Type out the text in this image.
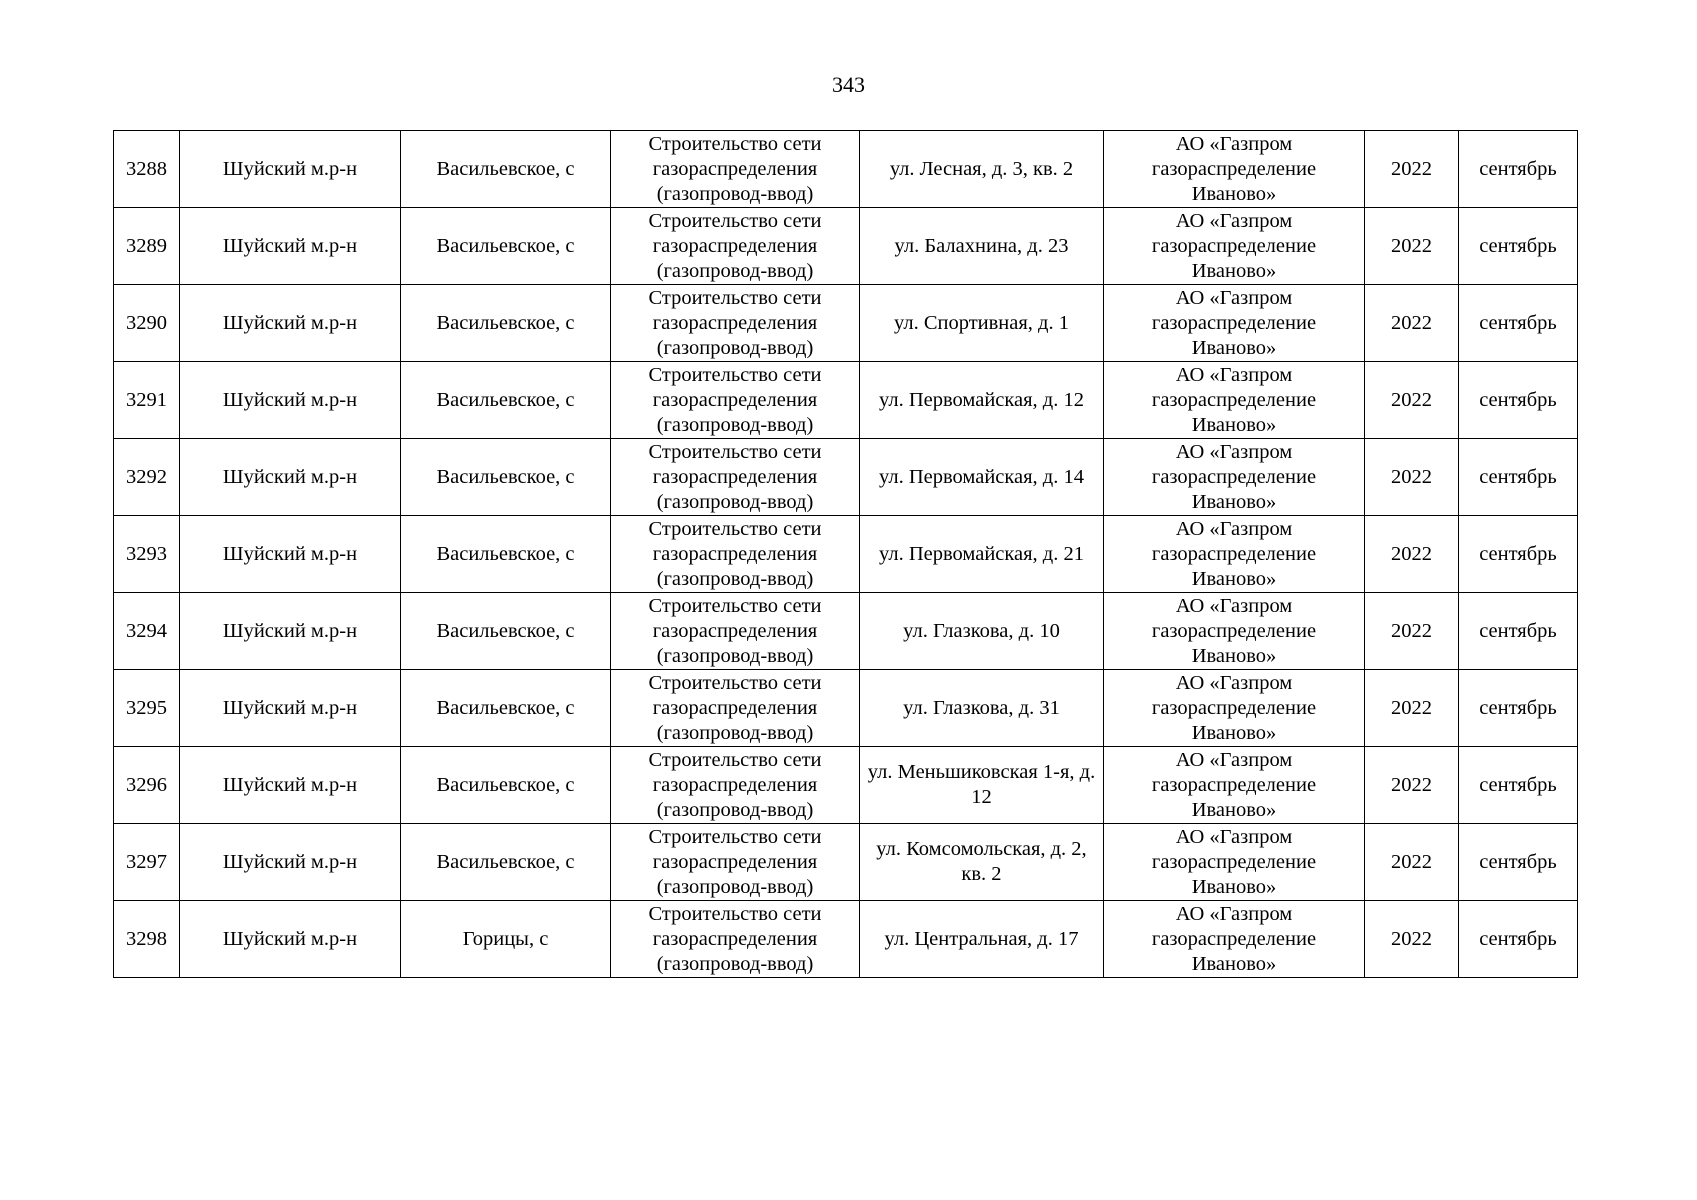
343
3288	Шуйский м.р-н	Васильевское, с	Строительство сети газораспределения (газопровод-ввод)	ул. Лесная, д. 3, кв. 2	АО «Газпром газораспределение Иваново»	2022	сентябрь
3289	Шуйский м.р-н	Васильевское, с	Строительство сети газораспределения (газопровод-ввод)	ул. Балахнина, д. 23	АО «Газпром газораспределение Иваново»	2022	сентябрь
3290	Шуйский м.р-н	Васильевское, с	Строительство сети газораспределения (газопровод-ввод)	ул. Спортивная, д. 1	АО «Газпром газораспределение Иваново»	2022	сентябрь
3291	Шуйский м.р-н	Васильевское, с	Строительство сети газораспределения (газопровод-ввод)	ул. Первомайская, д. 12	АО «Газпром газораспределение Иваново»	2022	сентябрь
3292	Шуйский м.р-н	Васильевское, с	Строительство сети газораспределения (газопровод-ввод)	ул. Первомайская, д. 14	АО «Газпром газораспределение Иваново»	2022	сентябрь
3293	Шуйский м.р-н	Васильевское, с	Строительство сети газораспределения (газопровод-ввод)	ул. Первомайская, д. 21	АО «Газпром газораспределение Иваново»	2022	сентябрь
3294	Шуйский м.р-н	Васильевское, с	Строительство сети газораспределения (газопровод-ввод)	ул. Глазкова, д. 10	АО «Газпром газораспределение Иваново»	2022	сентябрь
3295	Шуйский м.р-н	Васильевское, с	Строительство сети газораспределения (газопровод-ввод)	ул. Глазкова, д. 31	АО «Газпром газораспределение Иваново»	2022	сентябрь
3296	Шуйский м.р-н	Васильевское, с	Строительство сети газораспределения (газопровод-ввод)	ул. Меньшиковская 1-я, д. 12	АО «Газпром газораспределение Иваново»	2022	сентябрь
3297	Шуйский м.р-н	Васильевское, с	Строительство сети газораспределения (газопровод-ввод)	ул. Комсомольская, д. 2, кв. 2	АО «Газпром газораспределение Иваново»	2022	сентябрь
3298	Шуйский м.р-н	Горицы, с	Строительство сети газораспределения (газопровод-ввод)	ул. Центральная, д. 17	АО «Газпром газораспределение Иваново»	2022	сентябрь
